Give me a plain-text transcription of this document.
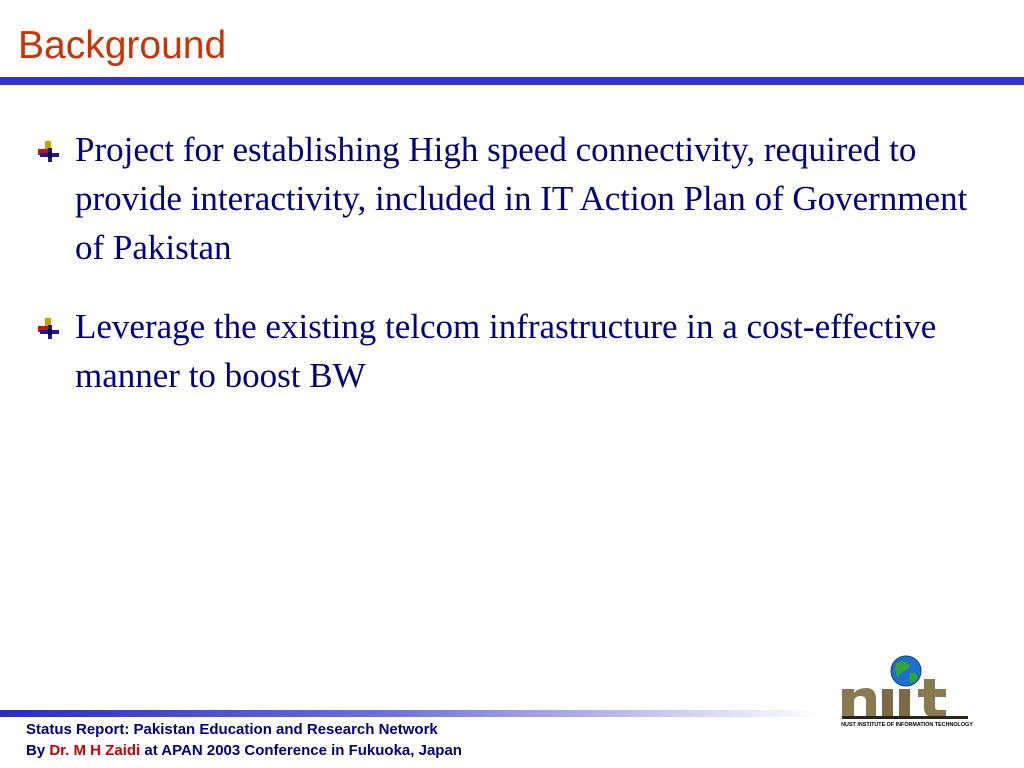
Background
Project for establishing High speed connectivity, required to provide interactivity, included in IT Action Plan of Government of Pakistan
Leverage the existing telcom infrastructure in a cost-effective manner to boost BW
NUST INSTITUTE OF INFORMATION TECHNOLOGY
Status Report: Pakistan Education and Research Network
By Dr. M H Zaidi at APAN 2003 Conference in Fukuoka, Japan
